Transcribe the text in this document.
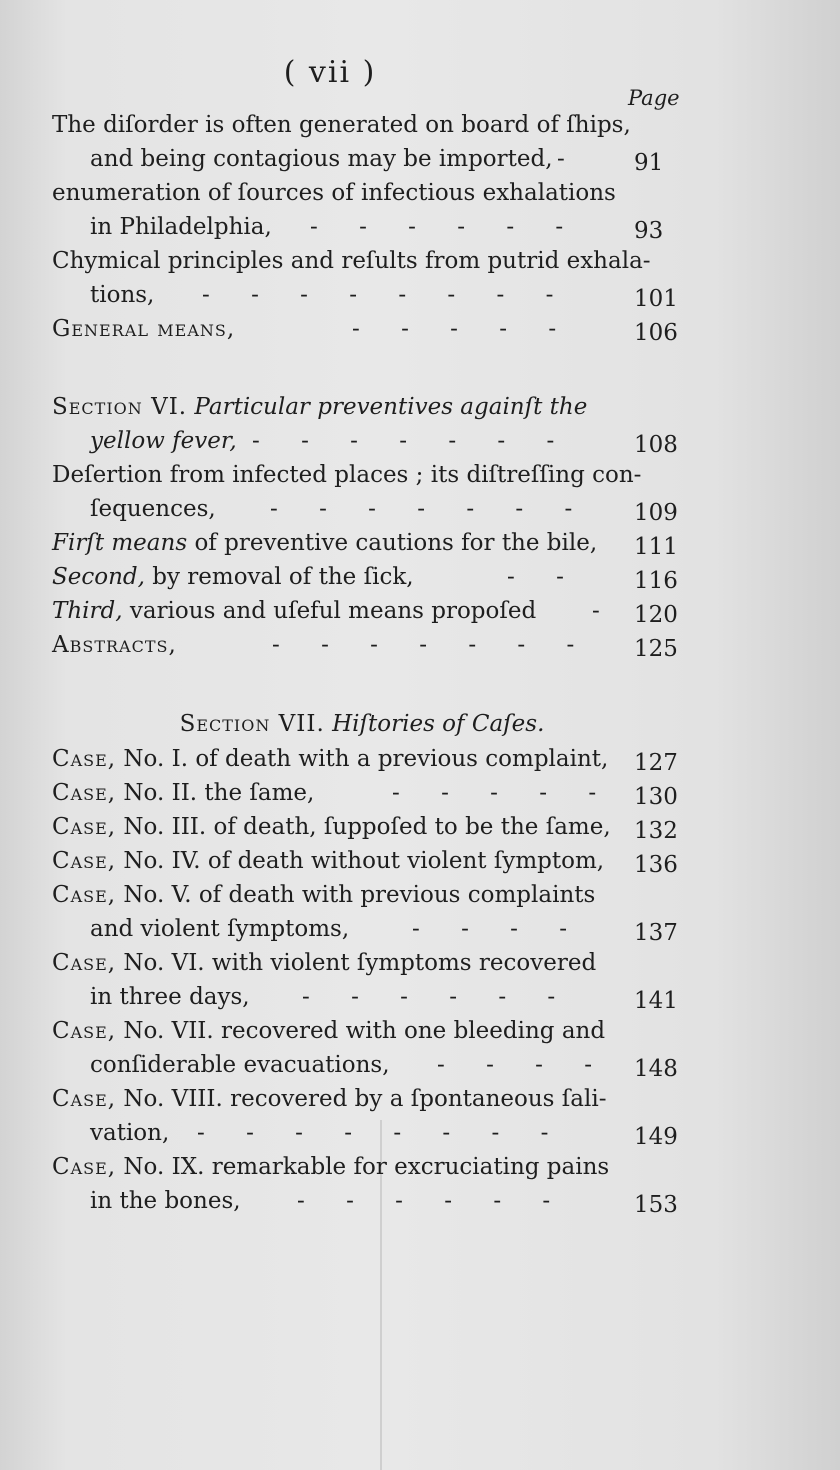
( vii )
Page
The diſorder is often generated on board of ſhips,
and being contagious may be imported, -	91
enumeration of ſources of infectious exhalations
in Philadelphia, - - - - - -	93
Chymical principles and reſults from putrid exhala-
tions, - - - - - - - -	101
General means,	- - - - -	106
Section VI. Particular preventives againſt the
yellow fever, - - - - - - -	108
Deſertion from infected places ; its diſtreſſing con-
ſequences, - - - - - - -	109
Firſt means of preventive cautions for the bile, 111
Second, by removal of the ſick,	- -	116
Third, various and uſeful means propoſed - 120
Abstracts,	- - - - - - -	125
Section VII. Hiſtories of Caſes.
Case, No. I. of death with a previous complaint, 127
Case, No. II. the ſame,	- - - - - 130
Case, No. III. of death, ſuppoſed to be the ſame, 132
Case, No. IV. of death without violent ſymptom, 136
Case, No. V. of death with previous complaints
and violent ſymptoms,	- - - -	137
Case, No. VI. with violent ſymptoms recovered
in three days, - - - - - -	141
Case, No. VII. recovered with one bleeding and
conſiderable evacuations, - - - - 148
Case, No. VIII. recovered by a ſpontaneous ſali-
vation, - - - - - - - -	149
Case, No. IX. remarkable for excruciating pains
in the bones, - - - - - -	153
